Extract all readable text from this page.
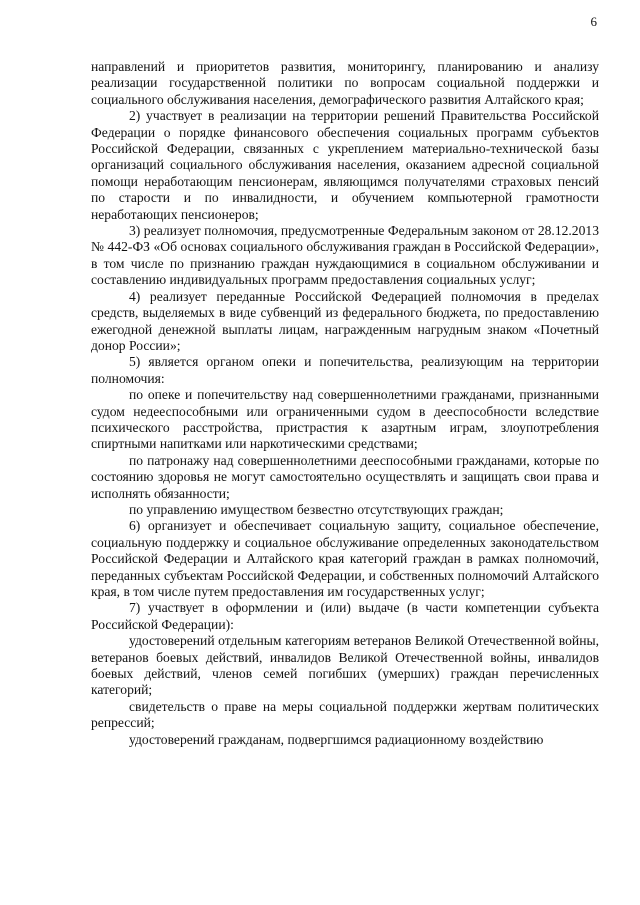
6

направлений и приоритетов развития, мониторингу, планированию и анализу реализации государственной политики по вопросам социальной поддержки и социального обслуживания населения, демографического развития Алтайского края;

2) участвует в реализации на территории решений Правительства Российской Федерации о порядке финансового обеспечения социальных программ субъектов Российской Федерации, связанных с укреплением материально-технической базы организаций социального обслуживания населения, оказанием адресной социальной помощи неработающим пенсионерам, являющимся получателями страховых пенсий по старости и по инвалидности, и обучением компьютерной грамотности неработающих пенсионеров;

3) реализует полномочия, предусмотренные Федеральным законом от 28.12.2013 № 442-ФЗ «Об основах социального обслуживания граждан в Российской Федерации», в том числе по признанию граждан нуждающимися в социальном обслуживании и составлению индивидуальных программ предоставления социальных услуг;

4) реализует переданные Российской Федерацией полномочия в пределах средств, выделяемых в виде субвенций из федерального бюджета, по предоставлению ежегодной денежной выплаты лицам, награжденным нагрудным знаком «Почетный донор России»;

5) является органом опеки и попечительства, реализующим на территории полномочия:

по опеке и попечительству над совершеннолетними гражданами, признанными судом недееспособными или ограниченными судом в дееспособности вследствие психического расстройства, пристрастия к азартным играм, злоупотребления спиртными напитками или наркотическими средствами;

по патронажу над совершеннолетними дееспособными гражданами, которые по состоянию здоровья не могут самостоятельно осуществлять и защищать свои права и исполнять обязанности;

по управлению имуществом безвестно отсутствующих граждан;

6) организует и обеспечивает социальную защиту, социальное обеспечение, социальную поддержку и социальное обслуживание определенных законодательством Российской Федерации и Алтайского края категорий граждан в рамках полномочий, переданных субъектам Российской Федерации, и собственных полномочий Алтайского края, в том числе путем предоставления им государственных услуг;

7) участвует в оформлении и (или) выдаче (в части компетенции субъекта Российской Федерации):

удостоверений отдельным категориям ветеранов Великой Отечественной войны, ветеранов боевых действий, инвалидов Великой Отечественной войны, инвалидов боевых действий, членов семей погибших (умерших) граждан перечисленных категорий;

свидетельств о праве на меры социальной поддержки жертвам политических репрессий;

удостоверений гражданам, подвергшимся радиационному воздействию
